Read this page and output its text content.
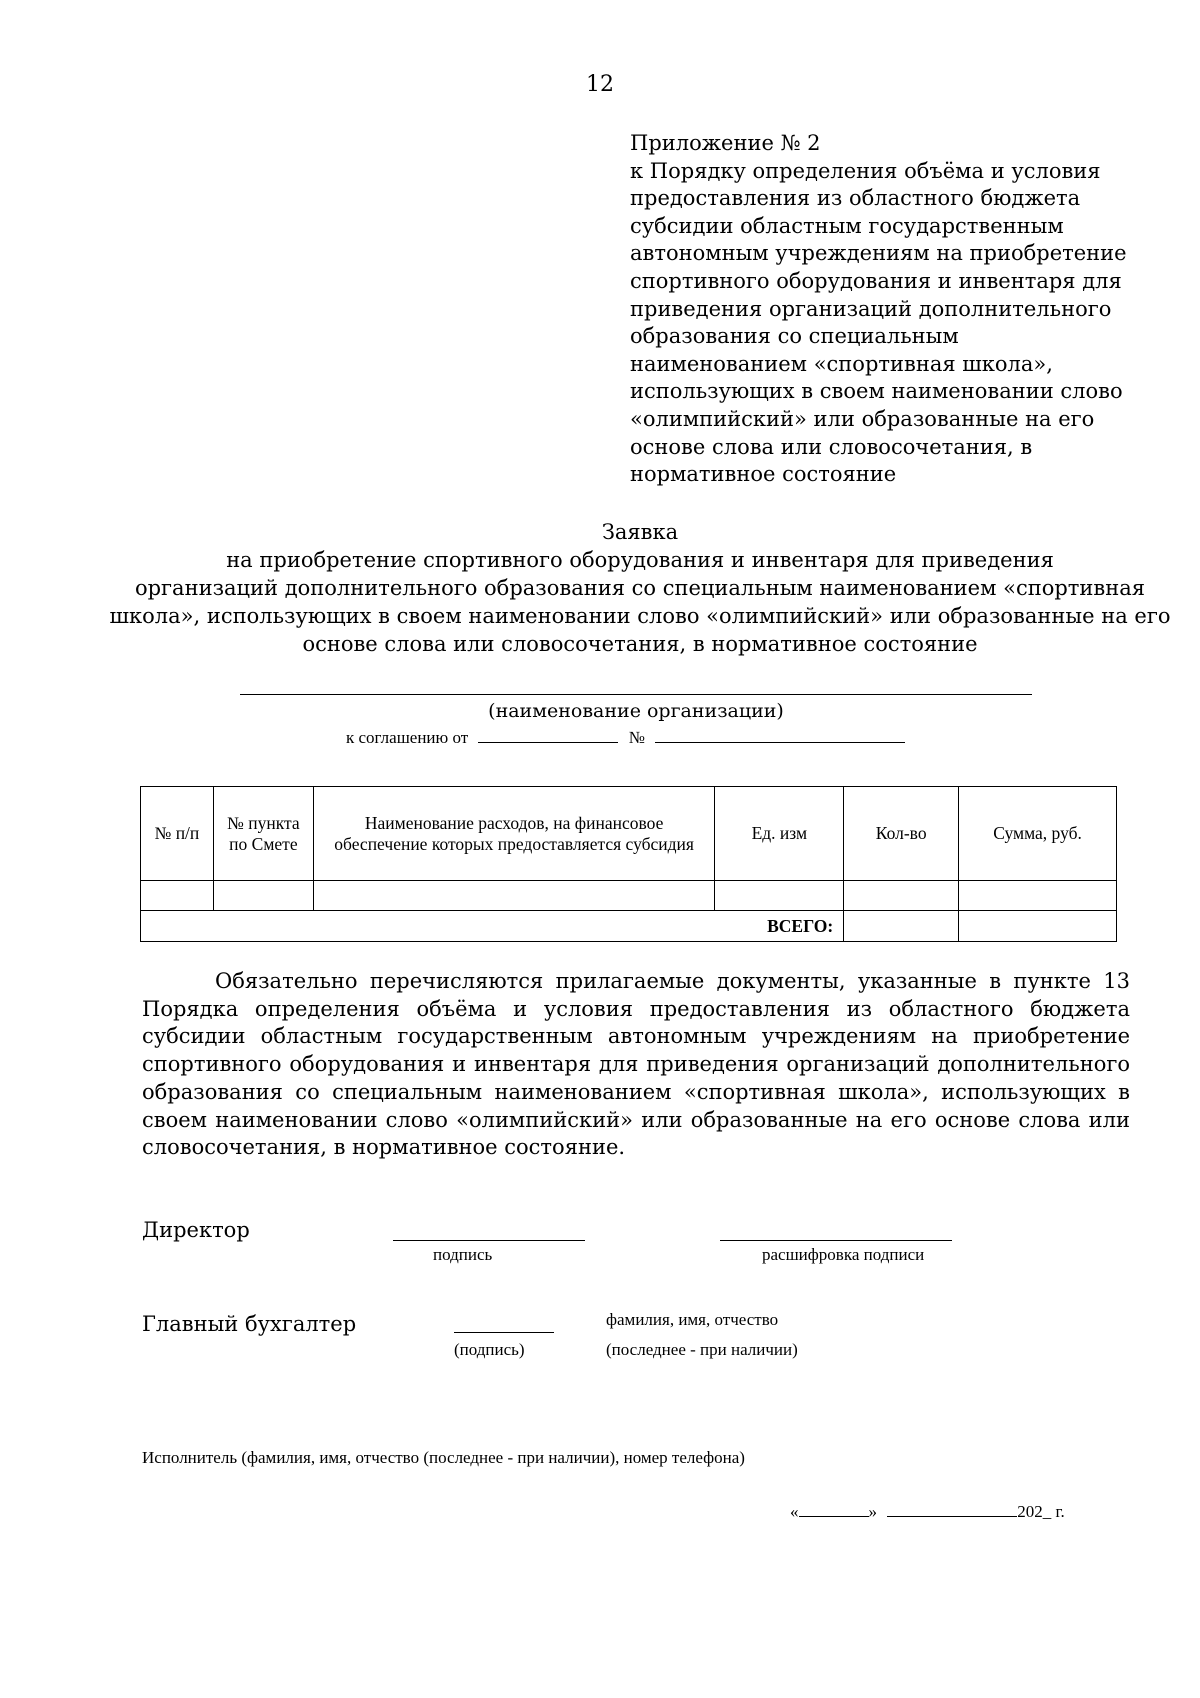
12
Приложение № 2
к Порядку определения объёма и условия
предоставления из областного бюджета
субсидии областным государственным
автономным учреждениям на приобретение
спортивного оборудования и инвентаря для
приведения организаций дополнительного
образования со специальным
наименованием «спортивная школа»,
использующих в своем наименовании слово
«олимпийский» или образованные на его
основе слова или словосочетания, в
нормативное состояние
Заявка
на приобретение спортивного оборудования и инвентаря для приведения
организаций дополнительного образования со специальным наименованием «спортивная
школа», использующих в своем наименовании слово «олимпийский» или образованные на его
основе слова или словосочетания, в нормативное состояние
(наименование организации)
к соглашению от	№
№ п/п	№ пункта по Смете	Наименование расходов, на финансовое обеспечение которых предоставляется субсидия	Ед. изм	Кол-во	Сумма, руб.

ВСЕГО:					

Обязательно перечисляются прилагаемые документы, указанные в пункте 13 Порядка определения объёма и условия предоставления из областного бюджета субсидии областным государственным автономным учреждениям на приобретение спортивного оборудования и инвентаря для приведения организаций дополнительного образования со специальным наименованием «спортивная школа», использующих в своем наименовании слово «олимпийский» или образованные на его основе слова или словосочетания, в нормативное состояние.

Директор
подпись	расшифровка подписи
Главный бухгалтер
(подпись)
фамилия, имя, отчество
(последнее - при наличии)
Исполнитель (фамилия, имя, отчество (последнее - при наличии), номер телефона)
«	»	202_ г.
